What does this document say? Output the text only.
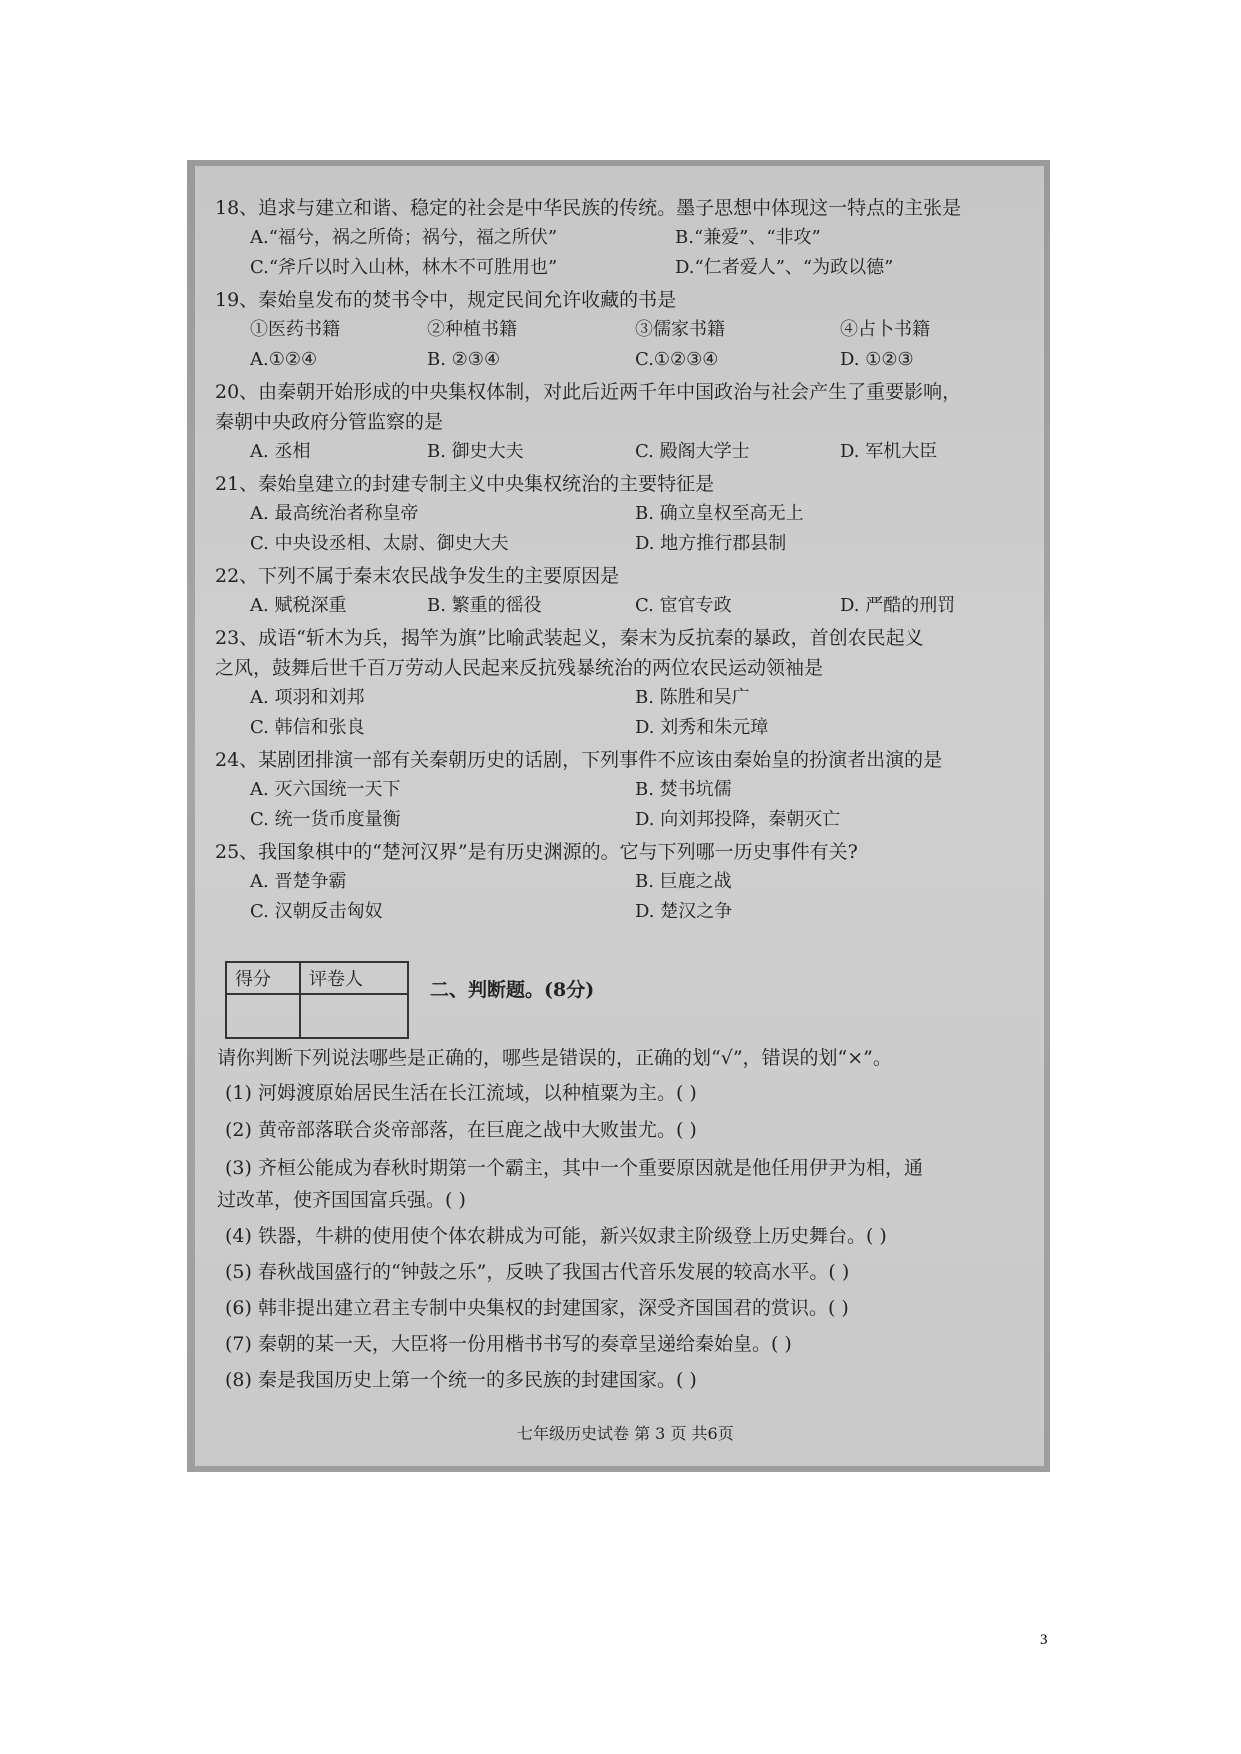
18、追求与建立和谐、稳定的社会是中华民族的传统。墨子思想中体现这一特点的主张是
A.“福兮，祸之所倚；祸兮，福之所伏”	B.“兼爱”、“非攻”
C.“斧斤以时入山林，林木不可胜用也”	D.“仁者爱人”、“为政以德”
19、秦始皇发布的焚书令中，规定民间允许收藏的书是
①医药书籍	②种植书籍	③儒家书籍	④占卜书籍
A.①②④	B. ②③④	C.①②③④	D. ①②③
20、由秦朝开始形成的中央集权体制，对此后近两千年中国政治与社会产生了重要影响，
秦朝中央政府分管监察的是
A. 丞相	B. 御史大夫	C. 殿阁大学士	D. 军机大臣
21、秦始皇建立的封建专制主义中央集权统治的主要特征是
A. 最高统治者称皇帝	B. 确立皇权至高无上
C. 中央设丞相、太尉、御史大夫	D. 地方推行郡县制
22、下列不属于秦末农民战争发生的主要原因是
A. 赋税深重	B. 繁重的徭役	C. 宦官专政	D. 严酷的刑罚
23、成语“斩木为兵，揭竿为旗”比喻武装起义，秦末为反抗秦的暴政，首创农民起义
之风，鼓舞后世千百万劳动人民起来反抗残暴统治的两位农民运动领袖是
A. 项羽和刘邦	B. 陈胜和吴广
C. 韩信和张良	D. 刘秀和朱元璋
24、某剧团排演一部有关秦朝历史的话剧，下列事件不应该由秦始皇的扮演者出演的是
A. 灭六国统一天下	B. 焚书坑儒
C. 统一货币度量衡	D. 向刘邦投降，秦朝灭亡
25、我国象棋中的“楚河汉界”是有历史渊源的。它与下列哪一历史事件有关?
A. 晋楚争霸	B. 巨鹿之战
C. 汉朝反击匈奴	D. 楚汉之争
得分	评卷人
		二、判断题。(8分)
请你判断下列说法哪些是正确的，哪些是错误的，正确的划“√”，错误的划“×”。
(1) 河姆渡原始居民生活在长江流域，以种植粟为主。( )
(2) 黄帝部落联合炎帝部落，在巨鹿之战中大败蚩尤。( )
(3) 齐桓公能成为春秋时期第一个霸主，其中一个重要原因就是他任用伊尹为相，通
过改革，使齐国国富兵强。( )
(4) 铁器，牛耕的使用使个体农耕成为可能，新兴奴隶主阶级登上历史舞台。( )
(5) 春秋战国盛行的“钟鼓之乐”，反映了我国古代音乐发展的较高水平。( )
(6) 韩非提出建立君主专制中央集权的封建国家，深受齐国国君的赏识。( )
(7) 秦朝的某一天，大臣将一份用楷书书写的奏章呈递给秦始皇。( )
(8) 秦是我国历史上第一个统一的多民族的封建国家。( )
七年级历史试卷 第 3 页 共6页
3
